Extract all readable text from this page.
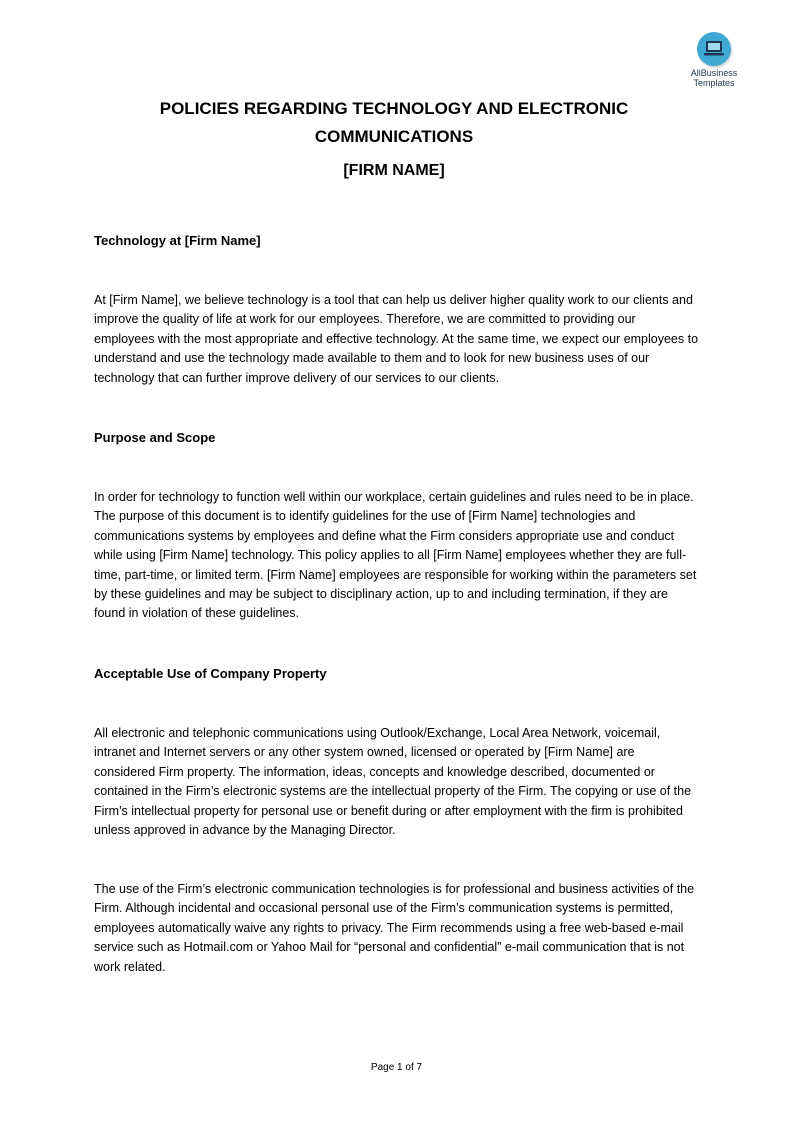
AllBusiness
Templates
POLICIES REGARDING TECHNOLOGY AND ELECTRONIC COMMUNICATIONS
[FIRM NAME]
Technology at [Firm Name]
At [Firm Name], we believe technology is a tool that can help us deliver higher quality work to our clients and improve the quality of life at work for our employees. Therefore, we are committed to providing our employees with the most appropriate and effective technology. At the same time, we expect our employees to understand and use the technology made available to them and to look for new business uses of our technology that can further improve delivery of our services to our clients.
Purpose and Scope
In order for technology to function well within our workplace, certain guidelines and rules need to be in place. The purpose of this document is to identify guidelines for the use of [Firm Name] technologies and communications systems by employees and define what the Firm considers appropriate use and conduct while using [Firm Name] technology. This policy applies to all [Firm Name] employees whether they are full-time, part-time, or limited term. [Firm Name] employees are responsible for working within the parameters set by these guidelines and may be subject to disciplinary action, up to and including termination, if they are found in violation of these guidelines.
Acceptable Use of Company Property
All electronic and telephonic communications using Outlook/Exchange, Local Area Network, voicemail, intranet and Internet servers or any other system owned, licensed or operated by [Firm Name] are considered Firm property. The information, ideas, concepts and knowledge described, documented or contained in the Firm’s electronic systems are the intellectual property of the Firm. The copying or use of the Firm’s intellectual property for personal use or benefit during or after employment with the firm is prohibited unless approved in advance by the Managing Director.
The use of the Firm’s electronic communication technologies is for professional and business activities of the Firm. Although incidental and occasional personal use of the Firm’s communication systems is permitted, employees automatically waive any rights to privacy. The Firm recommends using a free web-based e-mail service such as Hotmail.com or Yahoo Mail for “personal and confidential” e-mail communication that is not work related.
Page 1 of 7
